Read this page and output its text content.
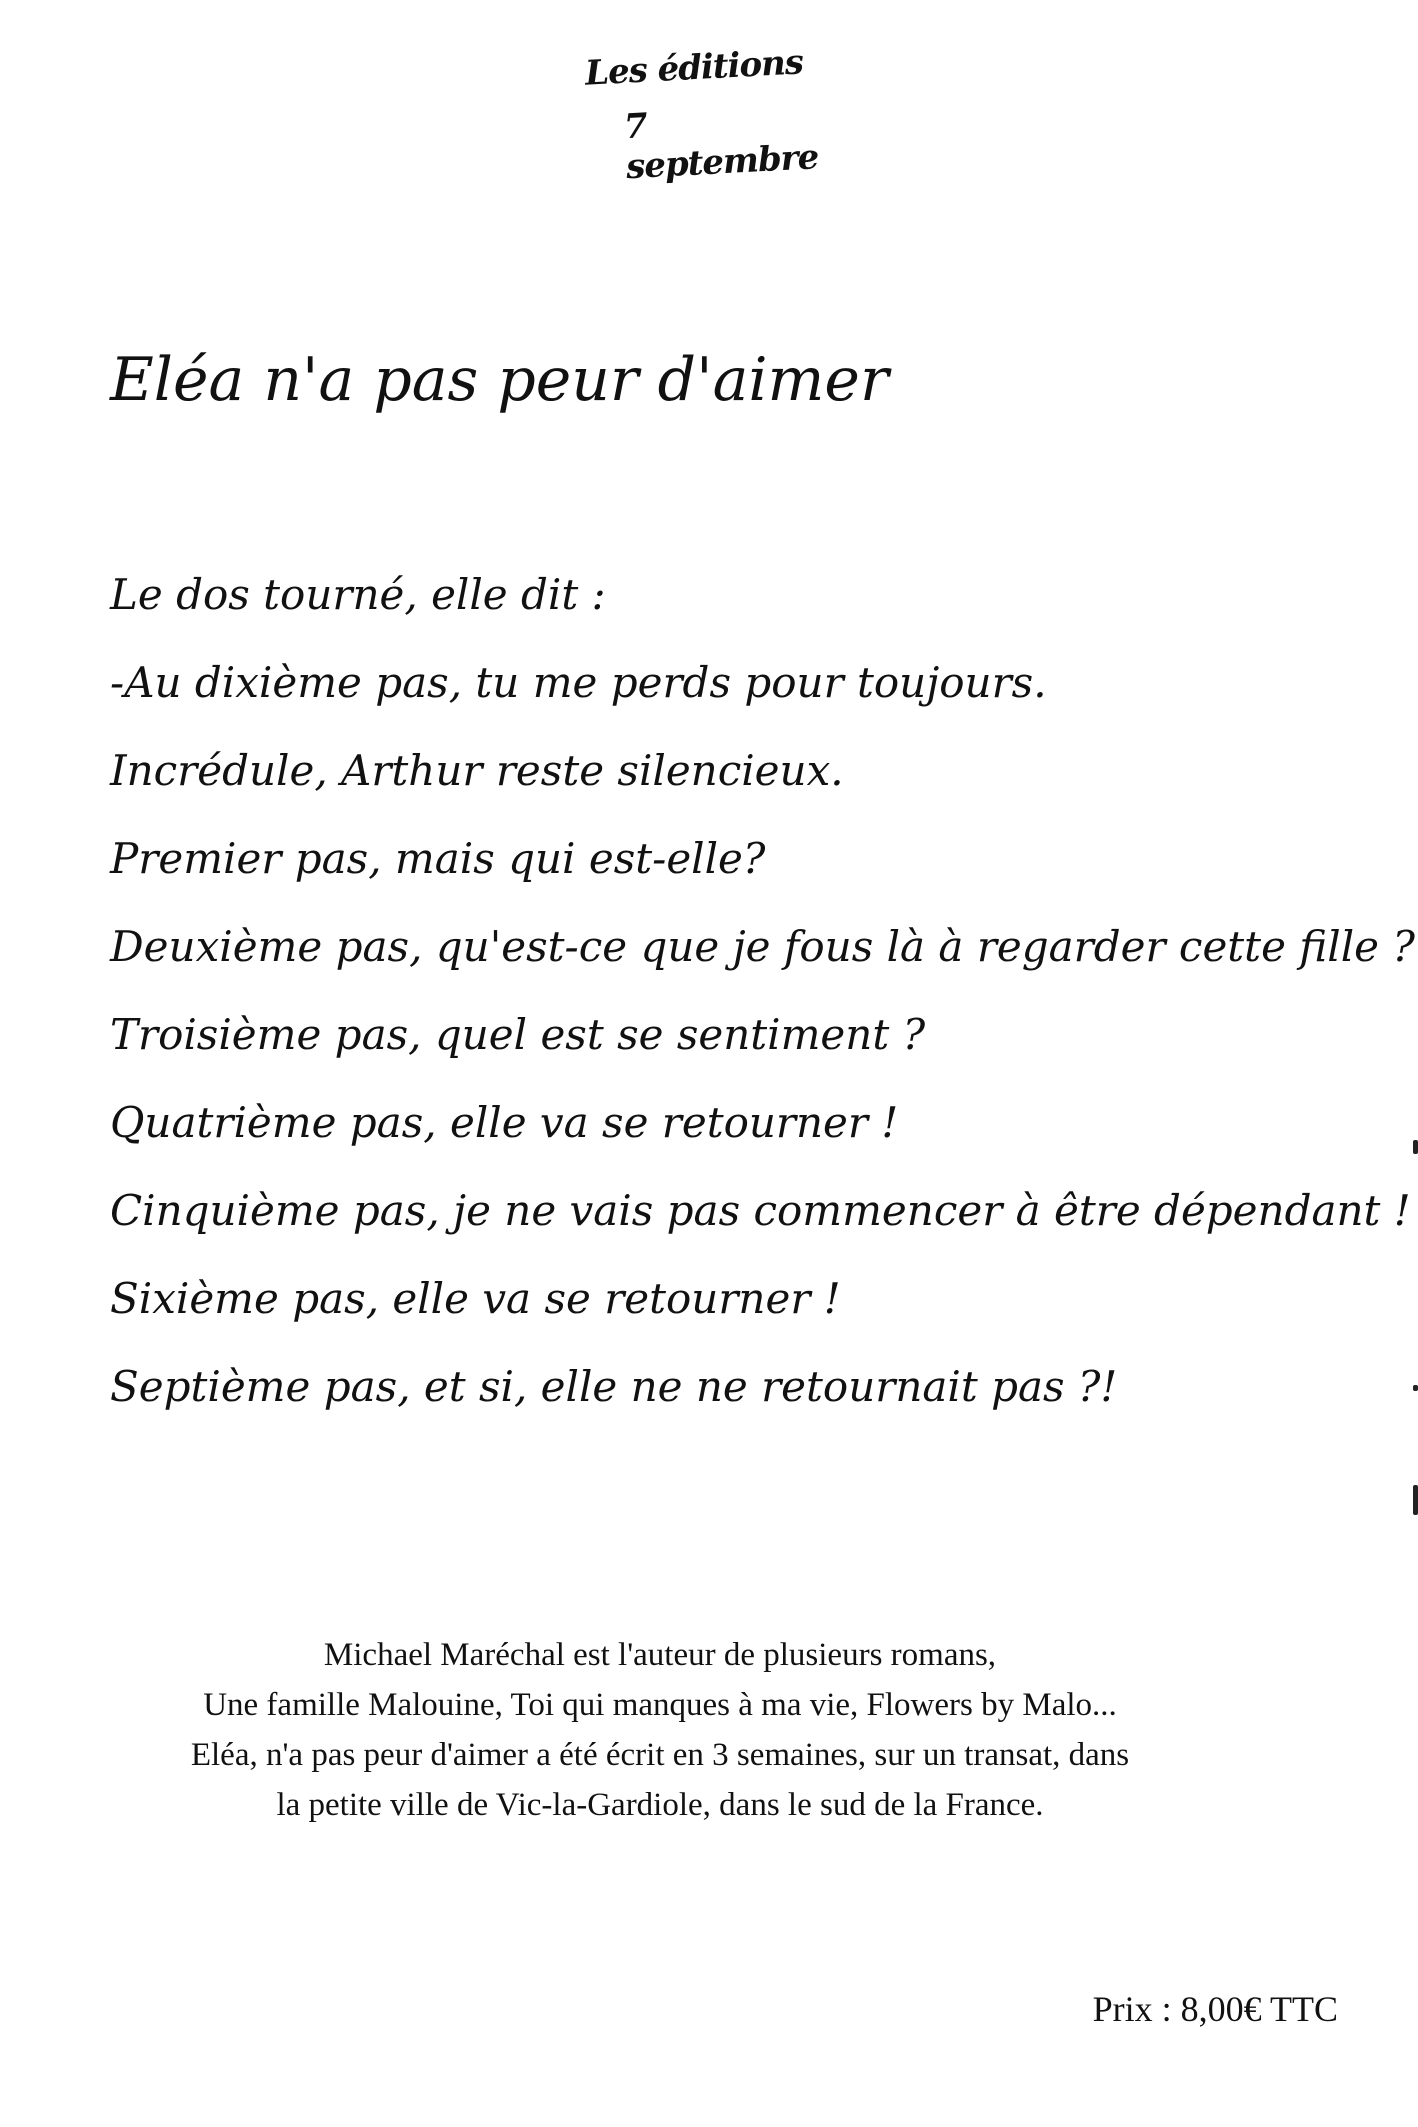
Les éditions
7 septembre
Eléa n'a pas peur d'aimer
Le dos tourné, elle dit :
-Au dixième pas, tu me perds pour toujours.
Incrédule, Arthur reste silencieux.
Premier pas, mais qui est-elle?
Deuxième pas, qu'est-ce que je fous là à regarder cette fille ?
Troisième pas, quel est se sentiment ?
Quatrième pas, elle va se retourner !
Cinquième pas, je ne vais pas commencer à être dépendant !
Sixième pas, elle va se retourner !
Septième pas, et si, elle ne ne retournait pas ?!

Michael Maréchal est l'auteur de plusieurs romans,

Une famille Malouine, Toi qui manques à ma vie, Flowers by Malo...

Eléa, n'a pas peur d'aimer a été écrit en 3 semaines, sur un transat, dans

la petite ville de Vic-la-Gardiole, dans le sud de la France.

Prix : 8,00€ TTC
